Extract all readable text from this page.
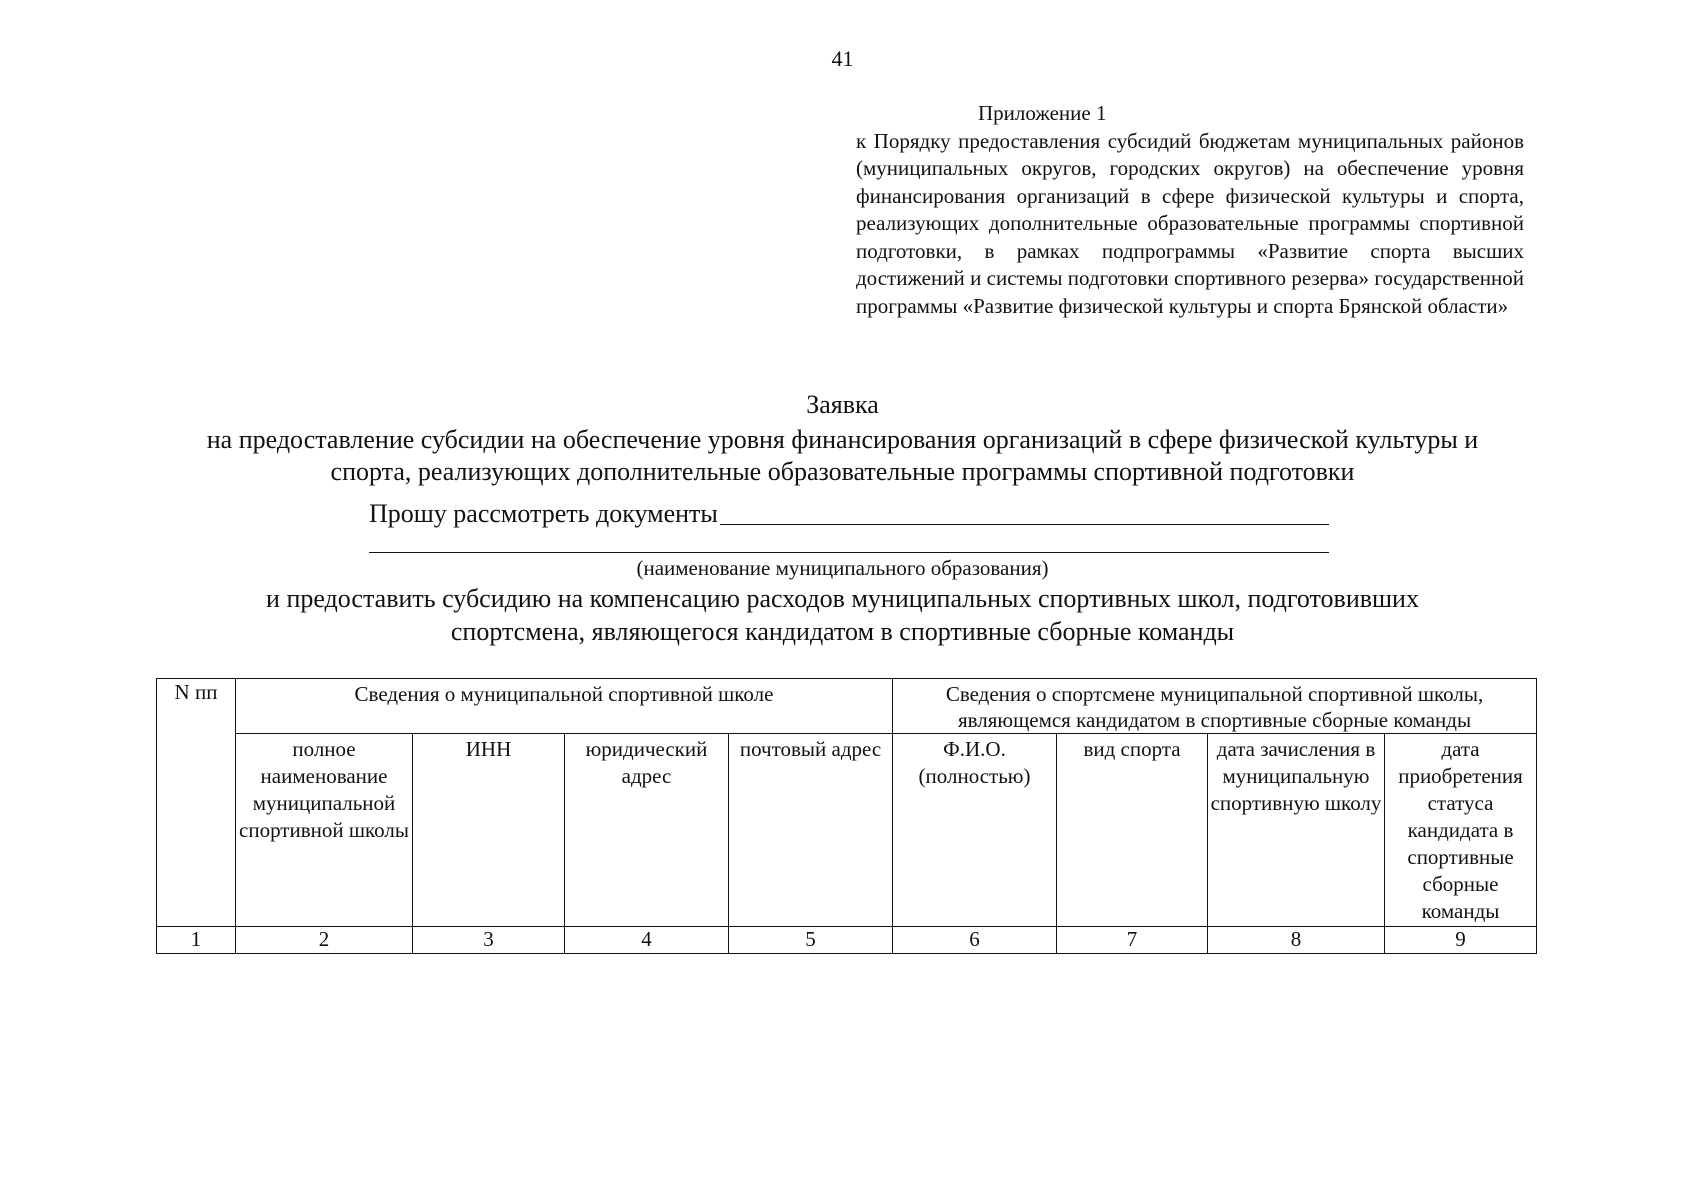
41
Приложение 1
к Порядку предоставления субсидий бюджетам муниципальных районов (муниципальных округов, городских округов) на обеспечение уровня финансирования организаций в сфере физической культуры и спорта, реализующих дополнительные образовательные программы спортивной подготовки, в рамках подпрограммы «Развитие спорта высших достижений и системы подготовки спортивного резерва» государственной программы «Развитие физической культуры и спорта Брянской области»
Заявка
на предоставление субсидии на обеспечение уровня финансирования организаций в сфере физической культуры и
спорта, реализующих дополнительные образовательные программы спортивной подготовки
Прошу рассмотреть документы
(наименование муниципального образования)
и предоставить субсидию на компенсацию расходов муниципальных спортивных школ, подготовивших
спортсмена, являющегося кандидатом в спортивные сборные команды
N пп	Сведения о муниципальной спортивной школе				Сведения о спортсмене муниципальной спортивной школы, являющемся кандидатом в спортивные сборные команды			
	полное наименование муниципальной спортивной школы	ИНН	юридический адрес	почтовый адрес	Ф.И.О. (полностью)	вид спорта	дата зачисления в муниципальную спортивную школу	дата приобретения статуса кандидата в спортивные сборные команды
1	2	3	4	5	6	7	8	9
